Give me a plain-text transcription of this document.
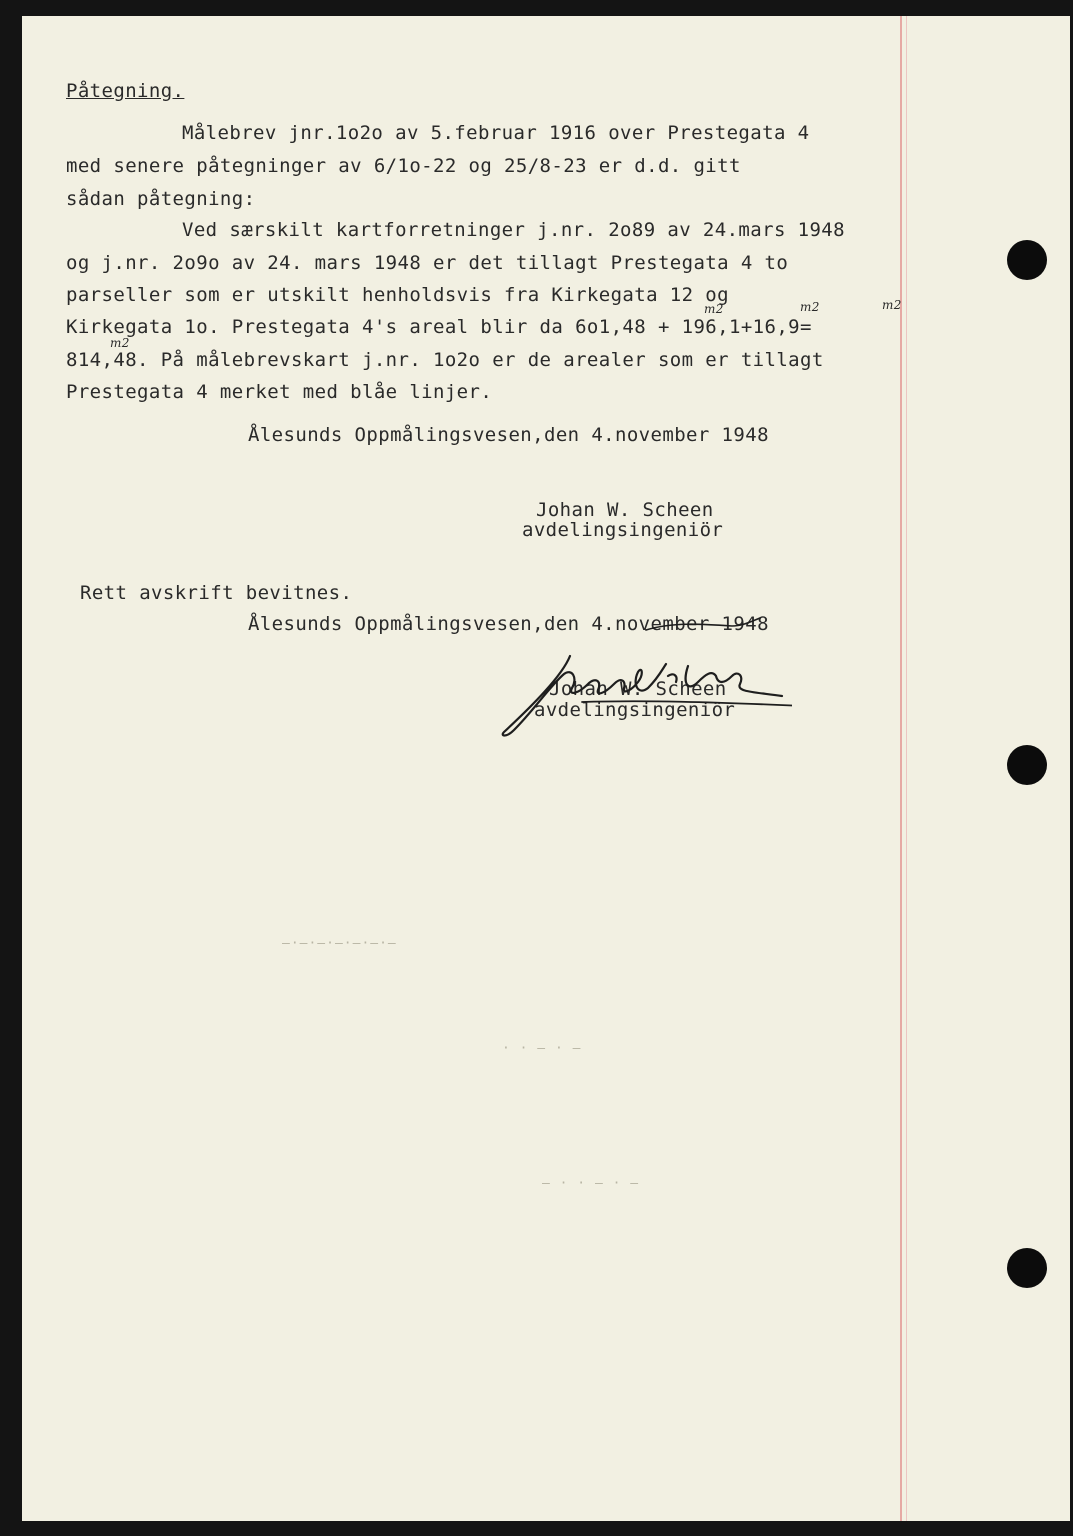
—·—·—·—·—·—·—
· · — · —
— · · — · —
Påtegning.
Målebrev jnr.1o2o av 5.februar 1916 over Prestegata 4
med senere påtegninger av 6/1o-22 og 25/8-23 er d.d. gitt
sådan påtegning:
Ved særskilt kartforretninger j.nr. 2o89 av 24.mars 1948
og j.nr. 2o9o av 24. mars 1948 er det tillagt Prestegata 4 to
parseller som er utskilt henholdsvis fra Kirkegata 12 og
Kirkegata 1o. Prestegata 4's areal blir da 6o1,48 + 196,1+16,9=
814,48. På målebrevskart j.nr. 1o2o er de arealer som er tillagt
Prestegata 4 merket med blåe linjer.
m2	m2	m2
m2
Ålesunds Oppmålingsvesen,den 4.november 1948
Johan W. Scheen
avdelingsingeniör
Rett avskrift bevitnes.
Ålesunds Oppmålingsvesen,den 4.november 1948
Johan W. Scheen
avdelingsingeniör
